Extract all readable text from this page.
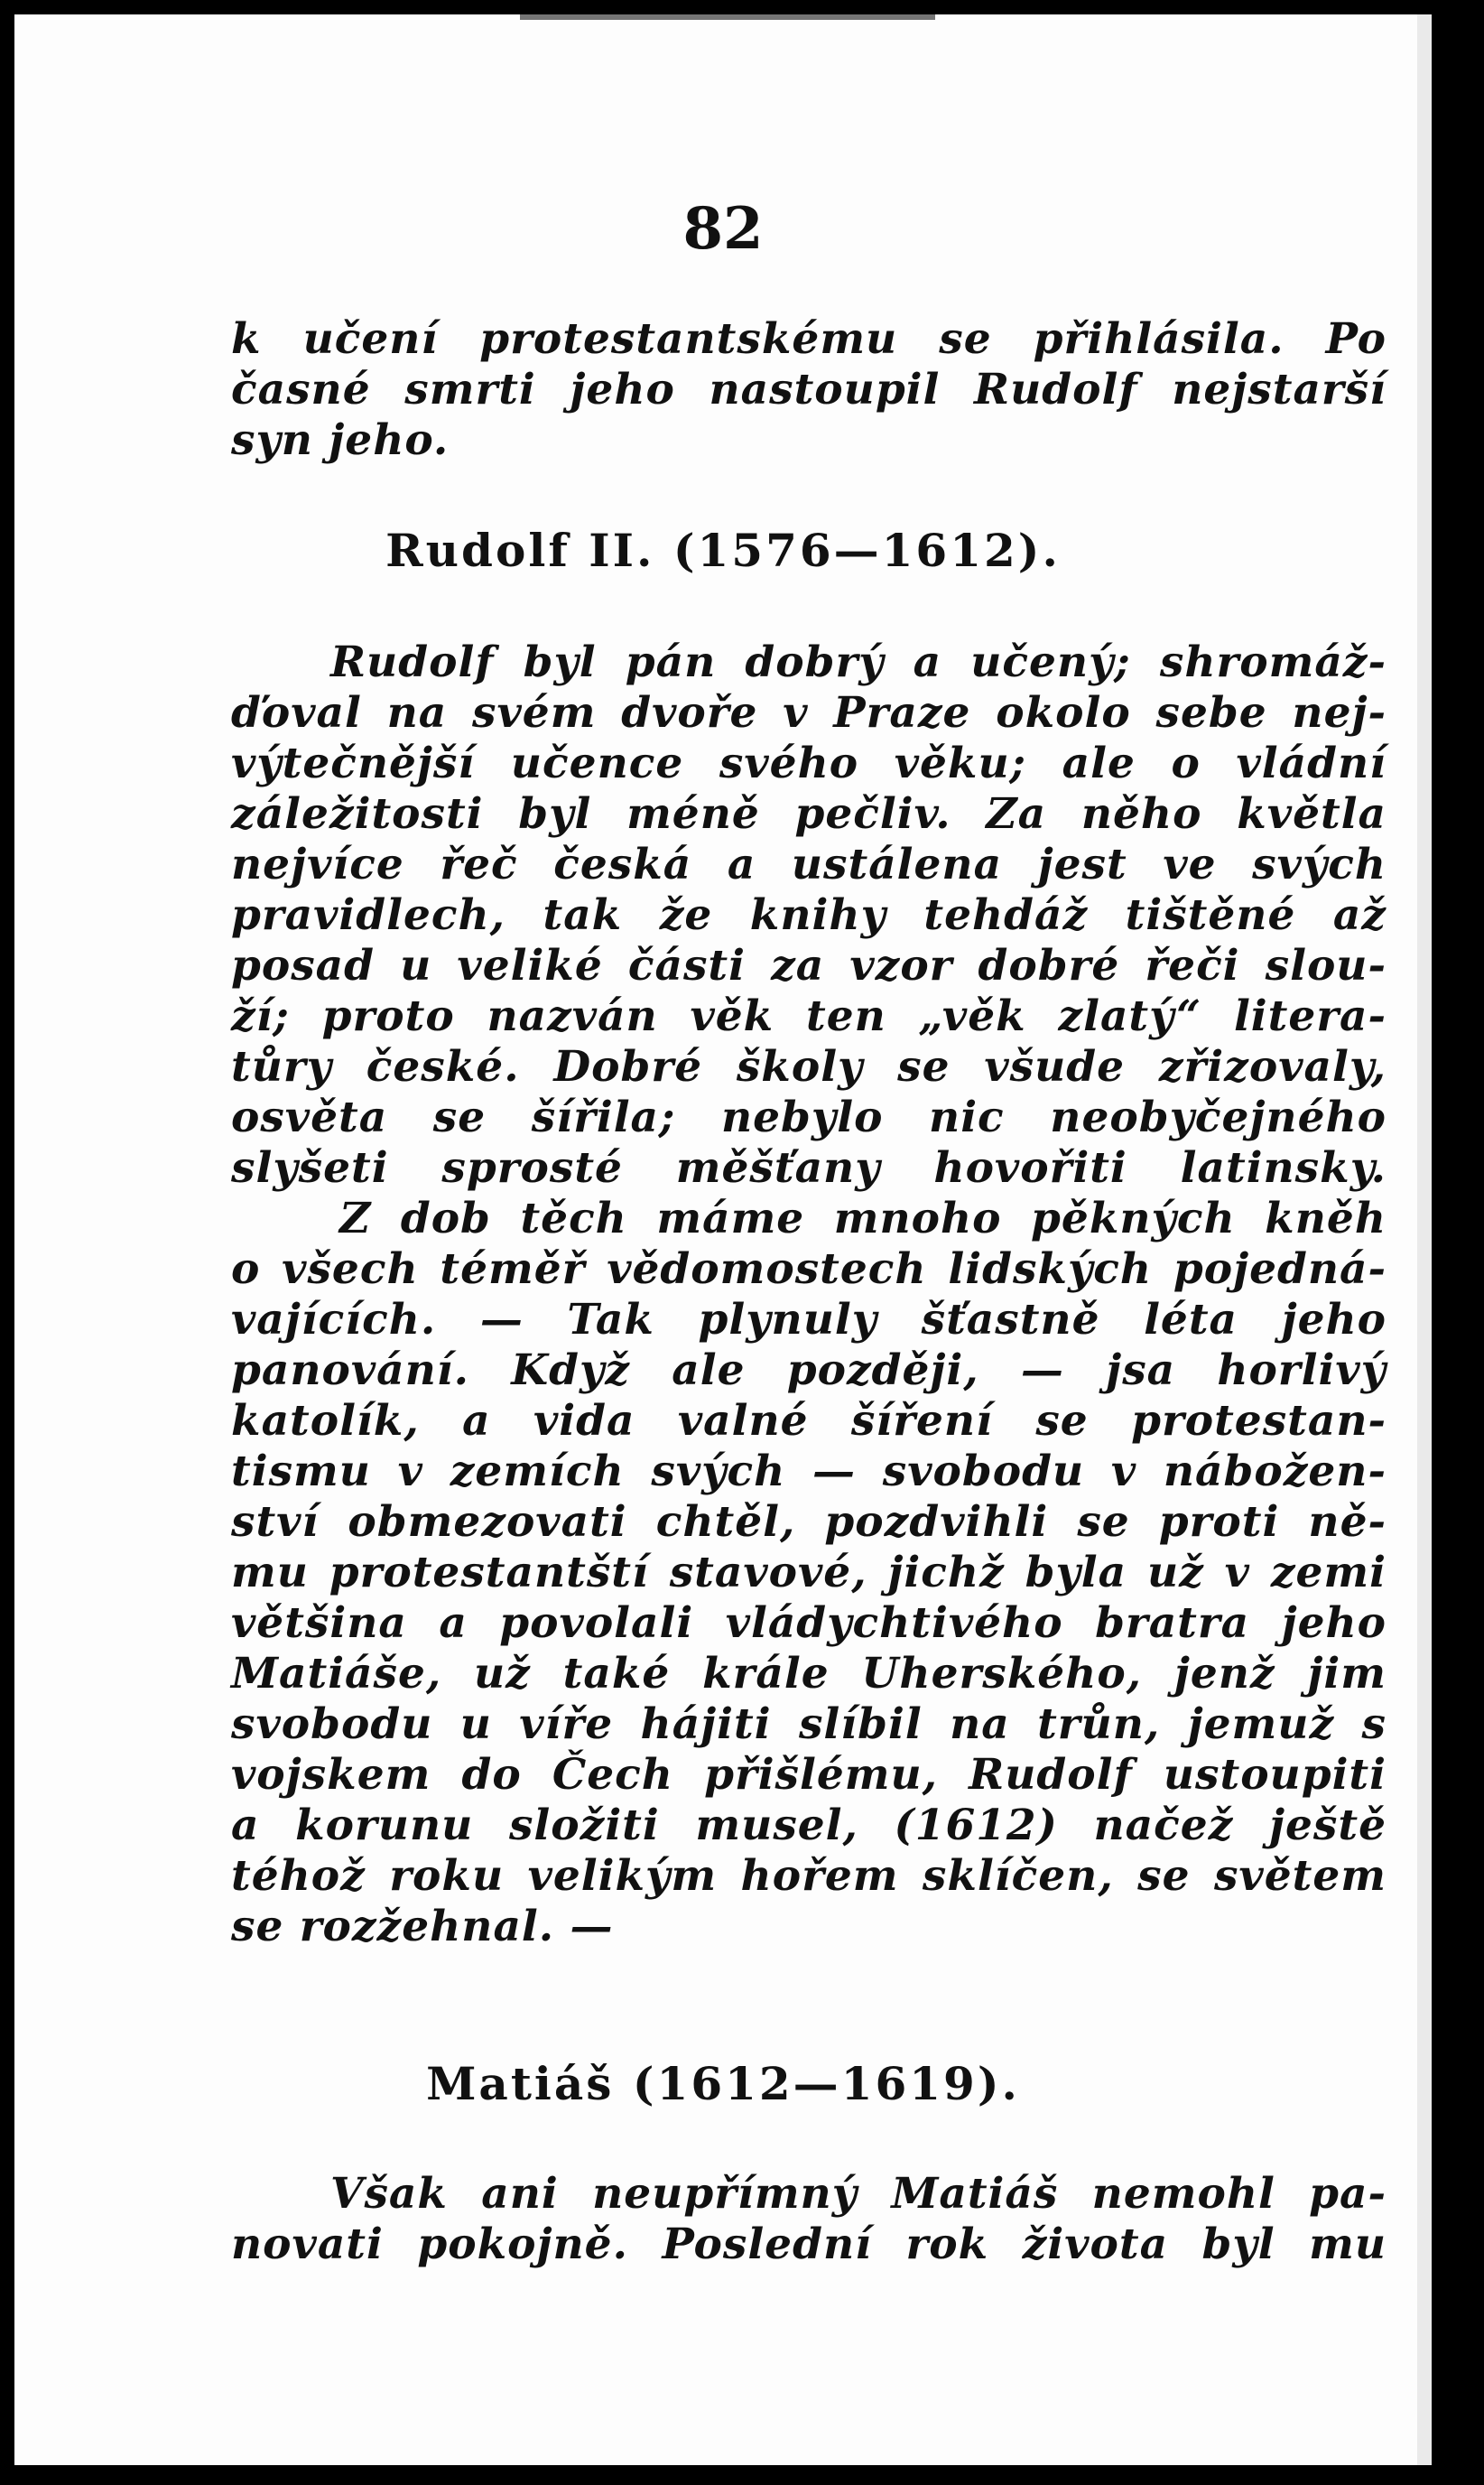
82
k učení protestantskému se přihlásila. Po
časné smrti jeho nastoupil Rudolf nejstarší
syn jeho.
Rudolf II. (1576—1612).
Rudolf byl pán dobrý a učený; shromáž-
ďoval na svém dvoře v Praze okolo sebe nej-
výtečnější učence svého věku; ale o vládní
záležitosti byl méně pečliv. Za něho květla
nejvíce řeč česká a ustálena jest ve svých
pravidlech, tak že knihy tehdáž tištěné až
posad u veliké části za vzor dobré řeči slou-
ží; proto nazván věk ten „věk zlatý“ litera-
tůry české. Dobré školy se všude zřizovaly,
osvěta se šířila; nebylo nic neobyčejného
slyšeti sprosté měšťany hovořiti latinsky.
Z dob těch máme mnoho pěkných kněh
o všech téměř vědomostech lidských pojedná-
vajících. — Tak plynuly šťastně léta jeho
panování. Když ale později, — jsa horlivý
katolík, a vida valné šíření se protestan-
tismu v zemích svých — svobodu v nábožen-
ství obmezovati chtěl, pozdvihli se proti ně-
mu protestantští stavové, jichž byla už v zemi
většina a povolali vládychtivého bratra jeho
Matiáše, už také krále Uherského, jenž jim
svobodu u víře hájiti slíbil na trůn, jemuž s
vojskem do Čech přišlému, Rudolf ustoupiti
a korunu složiti musel, (1612) načež ještě
téhož roku velikým hořem sklíčen, se světem
se rozžehnal. —
Matiáš (1612—1619).
Však ani neupřímný Matiáš nemohl pa-
novati pokojně. Poslední rok života byl mu
